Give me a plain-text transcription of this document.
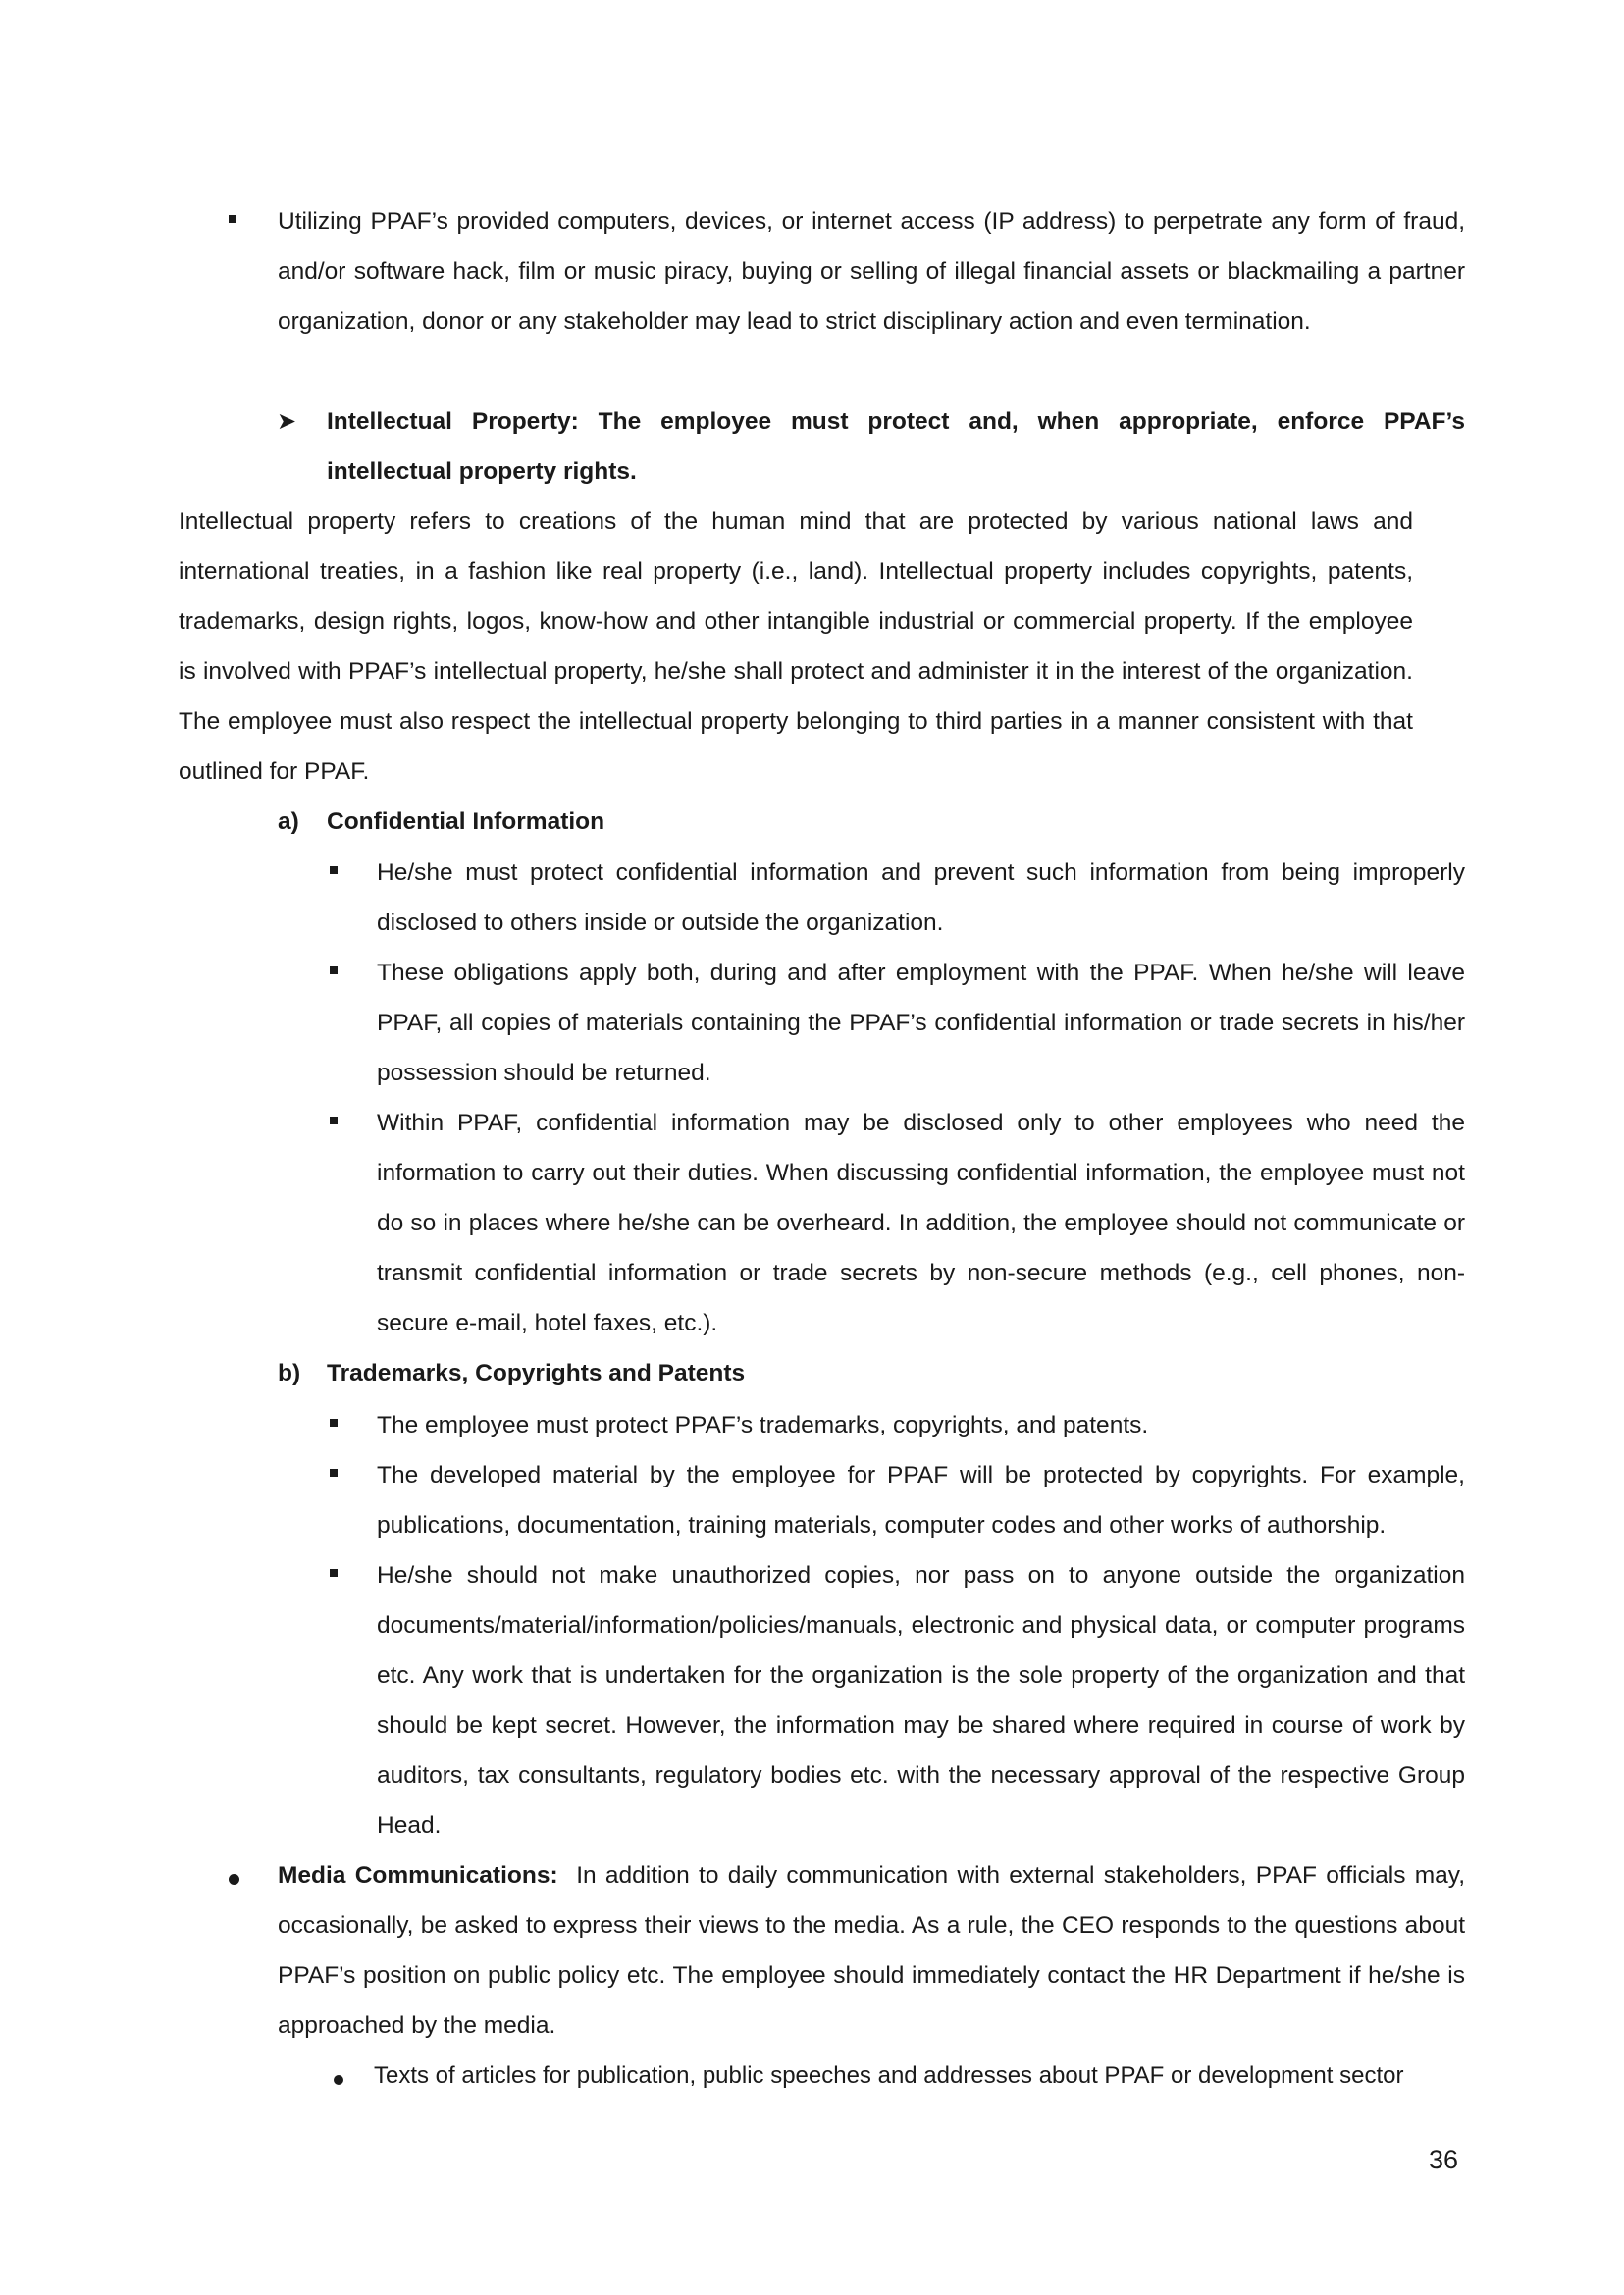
Utilizing PPAF’s provided computers, devices, or internet access (IP address) to perpetrate any form of fraud, and/or software hack, film or music piracy, buying or selling of illegal financial assets or blackmailing a partner organization, donor or any stakeholder may lead to strict disciplinary action and even termination.

➤ Intellectual Property: The employee must protect and, when appropriate, enforce PPAF’s intellectual property rights.

Intellectual property refers to creations of the human mind that are protected by various national laws and international treaties, in a fashion like real property (i.e., land). Intellectual property includes copyrights, patents, trademarks, design rights, logos, know-how and other intangible industrial or commercial property. If the employee is involved with PPAF’s intellectual property, he/she shall protect and administer it in the interest of the organization. The employee must also respect the intellectual property belonging to third parties in a manner consistent with that outlined for PPAF.

a) Confidential Information

He/she must protect confidential information and prevent such information from being improperly disclosed to others inside or outside the organization.

These obligations apply both, during and after employment with the PPAF. When he/she will leave PPAF, all copies of materials containing the PPAF’s confidential information or trade secrets in his/her possession should be returned.

Within PPAF, confidential information may be disclosed only to other employees who need the information to carry out their duties. When discussing confidential information, the employee must not do so in places where he/she can be overheard. In addition, the employee should not communicate or transmit confidential information or trade secrets by non-secure methods (e.g., cell phones, non-secure e-mail, hotel faxes, etc.).

b) Trademarks, Copyrights and Patents

The employee must protect PPAF’s trademarks, copyrights, and patents.

The developed material by the employee for PPAF will be protected by copyrights. For example, publications, documentation, training materials, computer codes and other works of authorship.

He/she should not make unauthorized copies, nor pass on to anyone outside the organization documents/material/information/policies/manuals, electronic and physical data, or computer programs etc. Any work that is undertaken for the organization is the sole property of the organization and that should be kept secret. However, the information may be shared where required in course of work by auditors, tax consultants, regulatory bodies etc. with the necessary approval of the respective Group Head.

Media Communications: In addition to daily communication with external stakeholders, PPAF officials may, occasionally, be asked to express their views to the media. As a rule, the CEO responds to the questions about PPAF’s position on public policy etc. The employee should immediately contact the HR Department if he/she is approached by the media.

Texts of articles for publication, public speeches and addresses about PPAF or development sector

36
